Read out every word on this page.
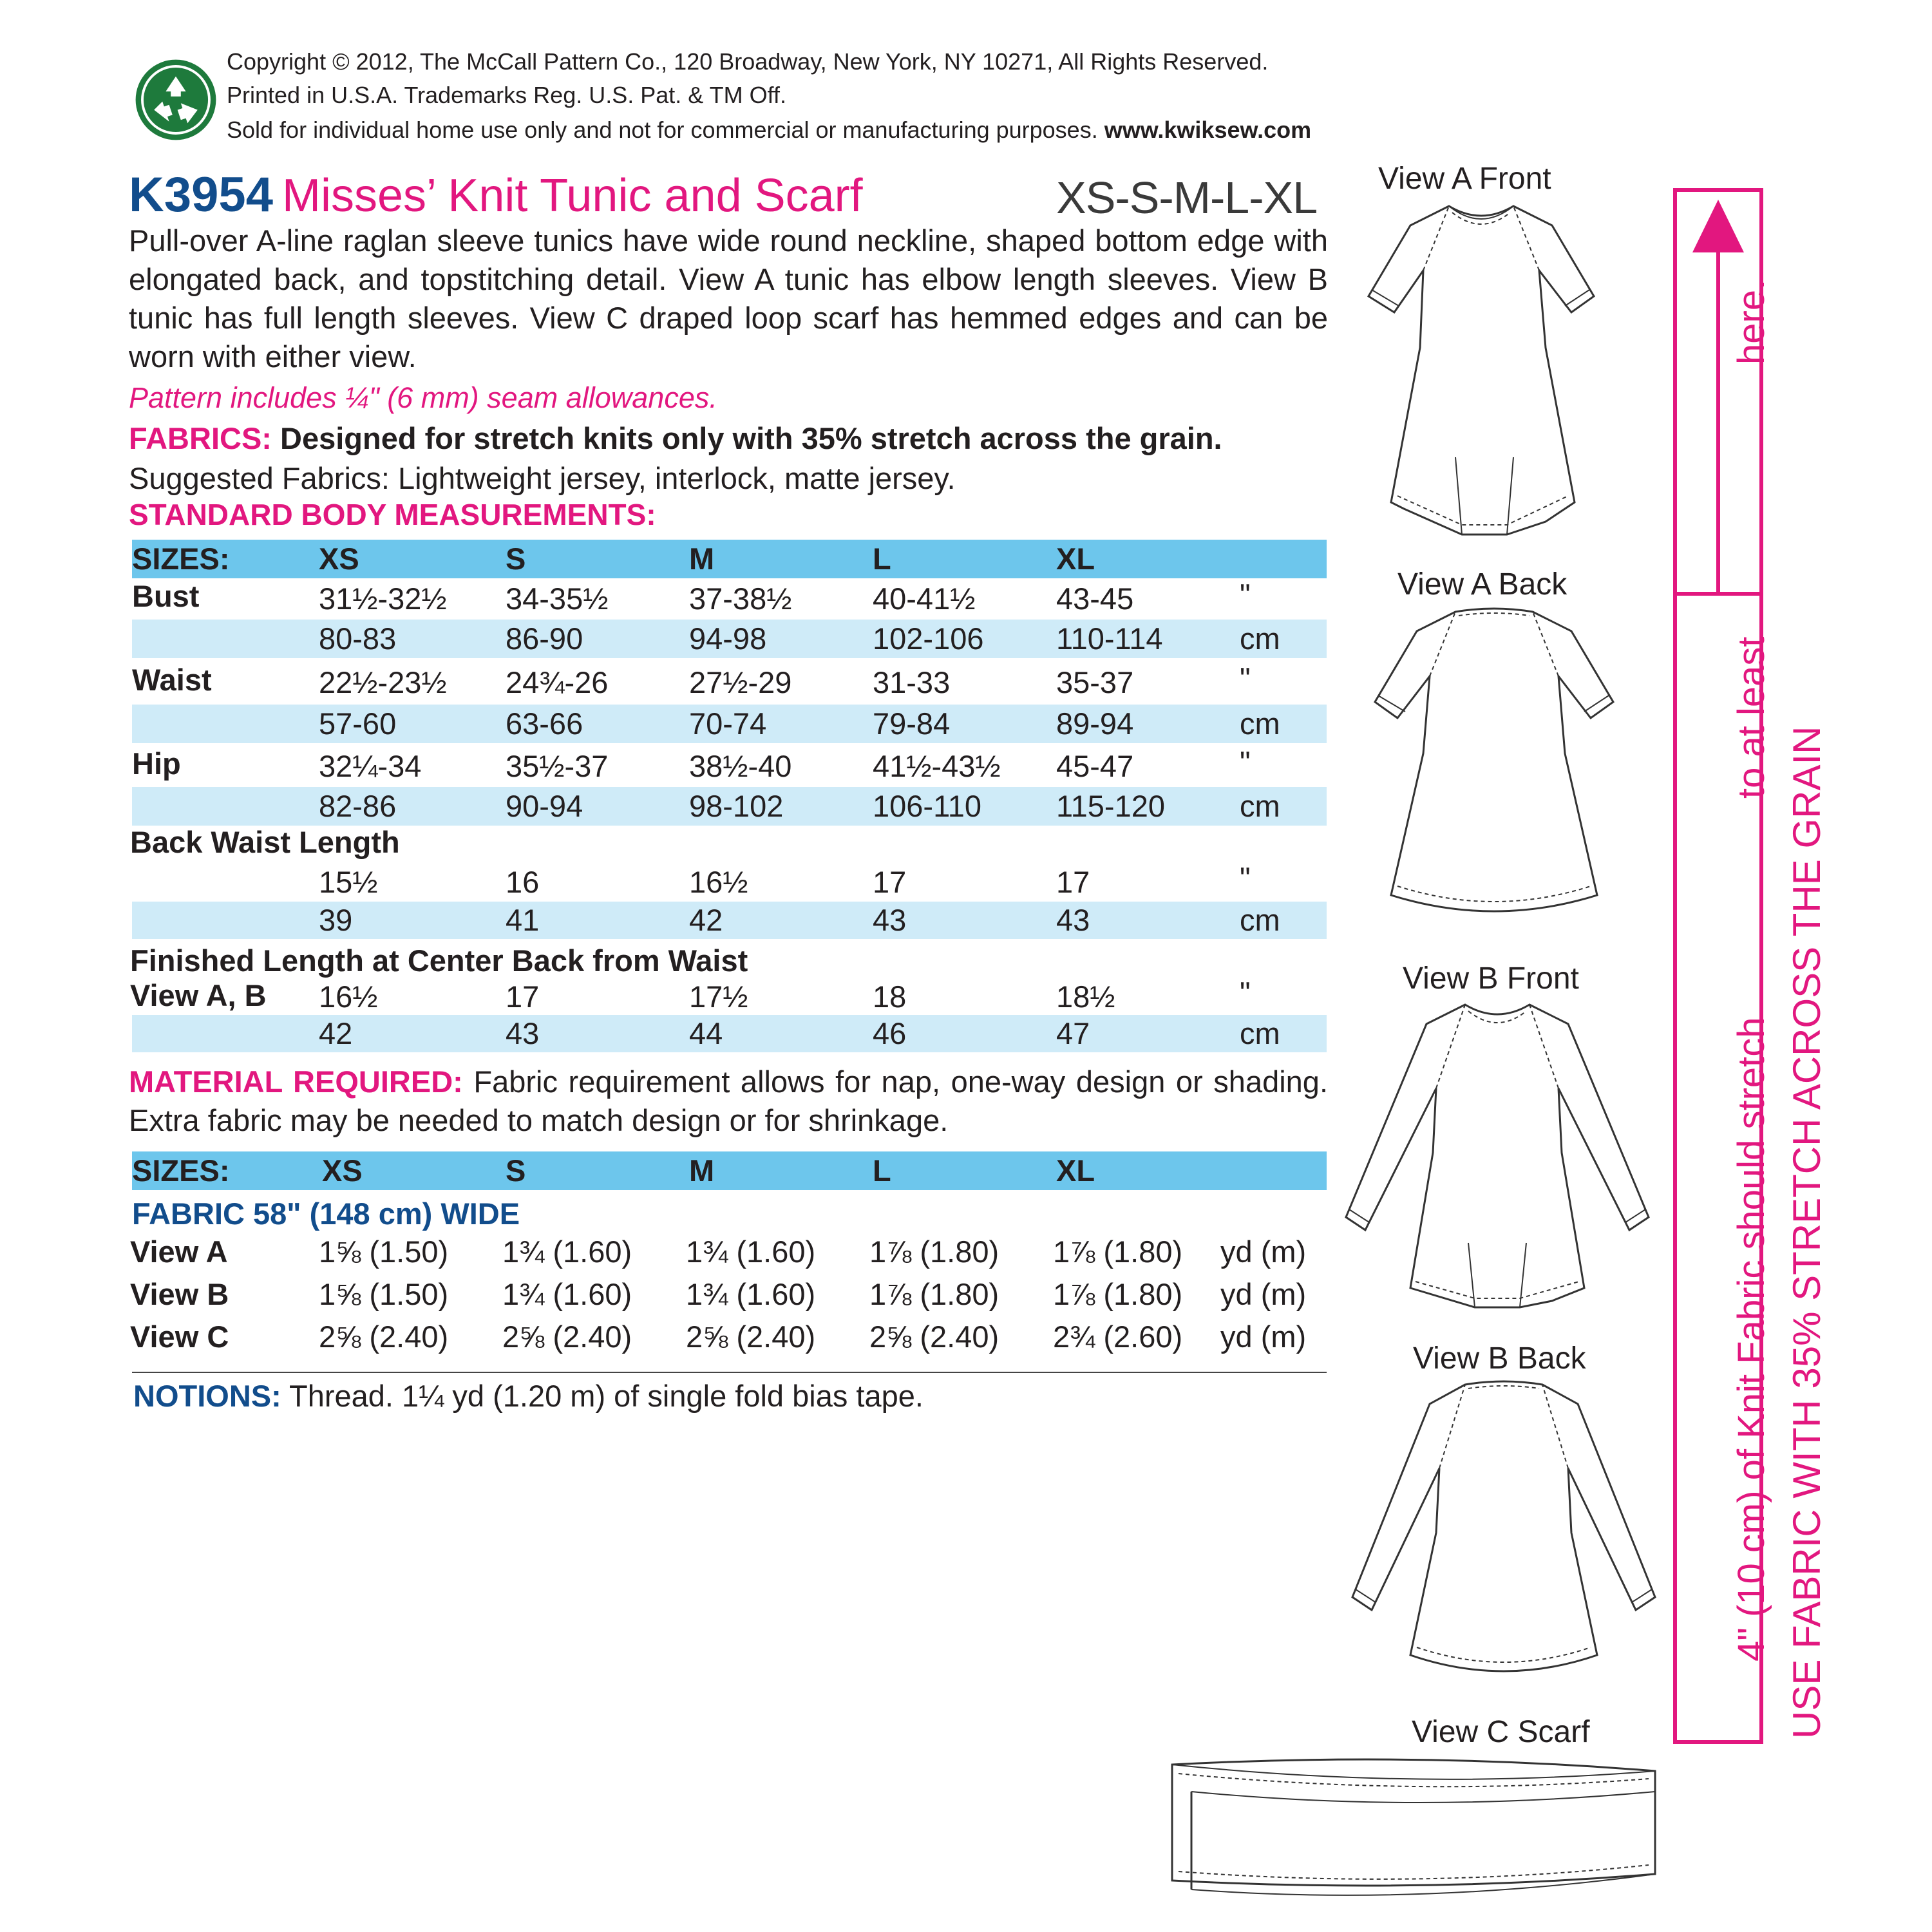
Copyright © 2012, The McCall Pattern Co., 120 Broadway, New York, NY 10271, All Rights Reserved.
Printed in U.S.A. Trademarks Reg. U.S. Pat. & TM Off.
Sold for individual home use only and not for commercial or manufacturing purposes. www.kwiksew.com
K3954 Misses’ Knit Tunic and Scarf	XS-S-M-L-XL
Pull-over A-line raglan sleeve tunics have wide round neckline, shaped bottom edge with elongated back, and topstitching detail. View A tunic has elbow length sleeves. View B tunic has full length sleeves. View C draped loop scarf has hemmed edges and can be worn with either view.
Pattern includes ¼" (6 mm) seam allowances.
FABRICS: Designed for stretch knits only with 35% stretch across the grain.
Suggested Fabrics: Lightweight jersey, interlock, matte jersey.
STANDARD BODY MEASUREMENTS:
SIZES:	XS	S	M	L	XL
Bust	31½-32½ 34-35½	37-38½	40-41½	43-45	"
80-83	86-90	94-98	102-106 110-114	cm
Waist	22½-23½ 24¾-26	27½-29	31-33	35-37	"
57-60	63-66	70-74	79-84	89-94	cm
Hip	32¼-34	35½-37	38½-40	41½-43½ 45-47	"
82-86	90-94	98-102	106-110 115-120 cm
Back Waist Length
15½	16	16½	17	17	"
39	41	42	43	43	cm
Finished Length at Center Back from Waist
View A, B 16½	17	17½	18	18½	"
42	43	44	46	47	cm
MATERIAL REQUIRED: Fabric requirement allows for nap, one-way design or shading. Extra fabric may be needed to match design or for shrinkage.
FABRIC 58" (148 cm) WIDE
SIZES:	XS	S	M	L	XL
View A	1⅝ (1.50) 1¾ (1.60) 1¾ (1.60) 1⅞ (1.80) 1⅞ (1.80) yd (m)
View B	1⅝ (1.50) 1¾ (1.60) 1¾ (1.60) 1⅞ (1.80) 1⅞ (1.80) yd (m)
View C	2⅝ (2.40) 2⅝ (2.40) 2⅝ (2.40) 2⅝ (2.40) 2¾ (2.60) yd (m)
NOTIONS: Thread. 1¼ yd (1.20 m) of single fold bias tape.
View A Front
View A Back
View B Front
View B Back
View C Scarf
4" (10 cm) of Knit Fabric should stretch
to at least
here.
USE FABRIC WITH 35% STRETCH ACROSS THE GRAIN
